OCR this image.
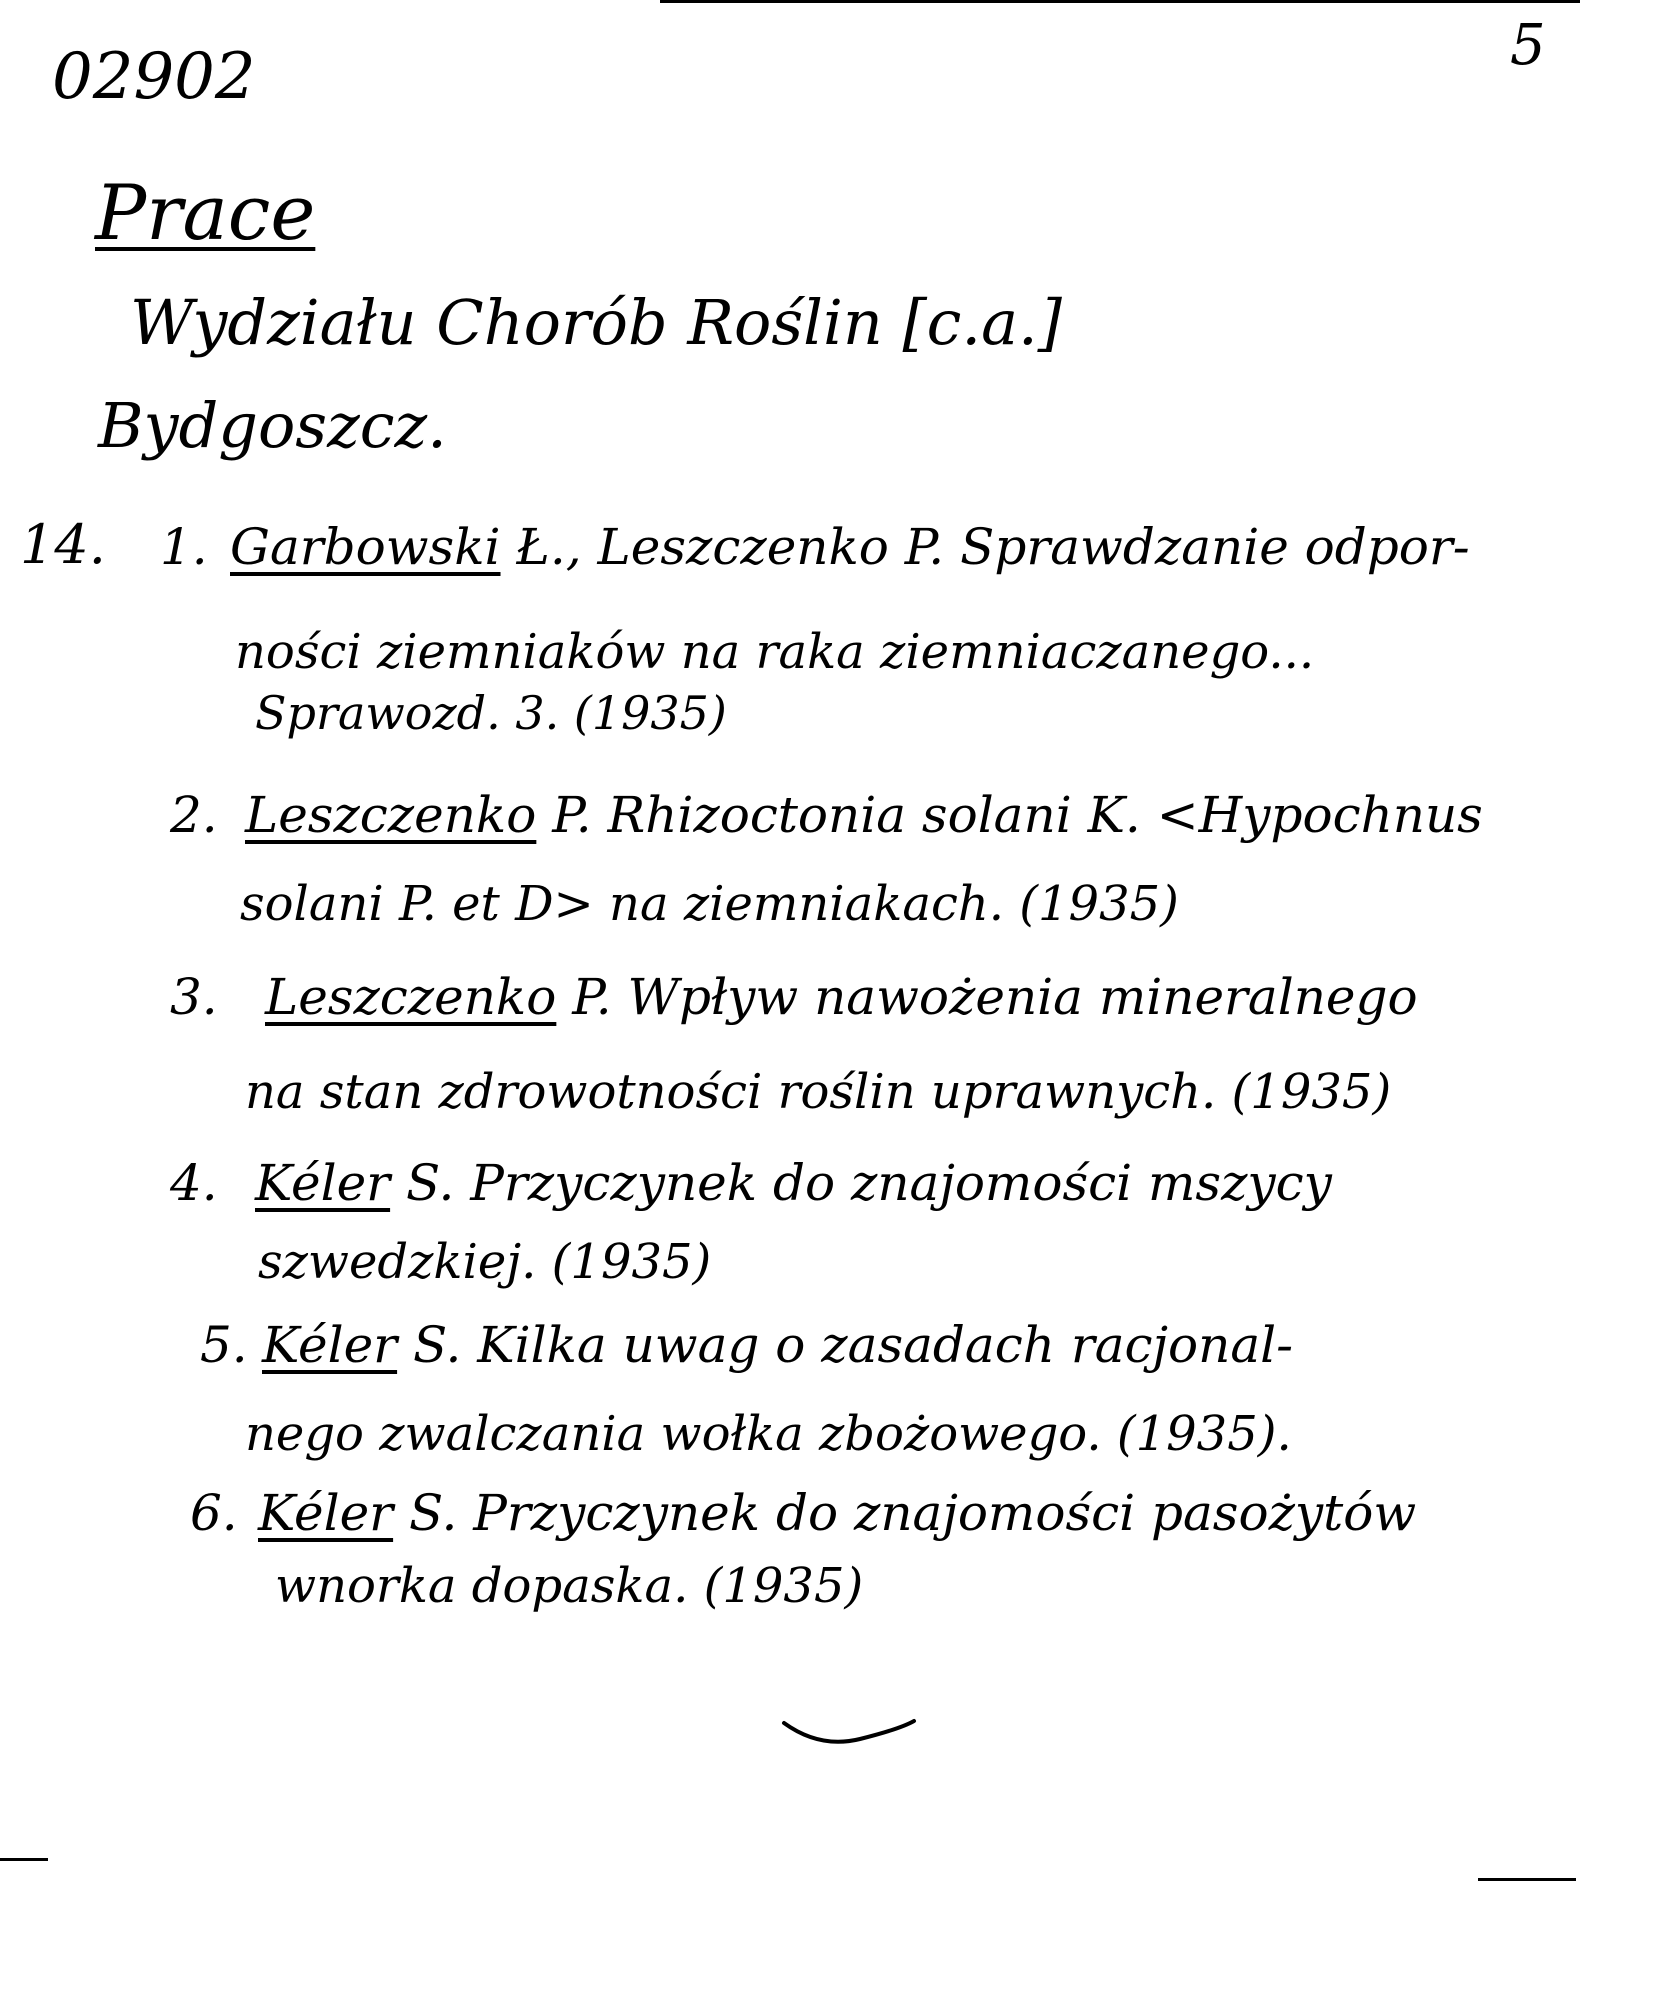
02902	5
Prace
Wydziału Chorób Roślin [c.a.]
Bydgoszcz.
14. 1. Garbowski Ł., Leszczenko P. Sprawdzanie odpor-
ności ziemniaków na raka ziemniaczanego...
Sprawozd. 3. (1935)
2. Leszczenko P. Rhizoctonia solani K. <Hypochnus
solani P. et D> na ziemniakach. (1935)
3. Leszczenko P. Wpływ nawożenia mineralnego
na stan zdrowotności roślin uprawnych. (1935)
4. Kéler S. Przyczynek do znajomości mszycy
szwedzkiej. (1935)
5. Kéler S. Kilka uwag o zasadach racjonal-
nego zwalczania wołka zbożowego. (1935).
6. Kéler S. Przyczynek do znajomości pasożytów
wnorka dopaska. (1935)
